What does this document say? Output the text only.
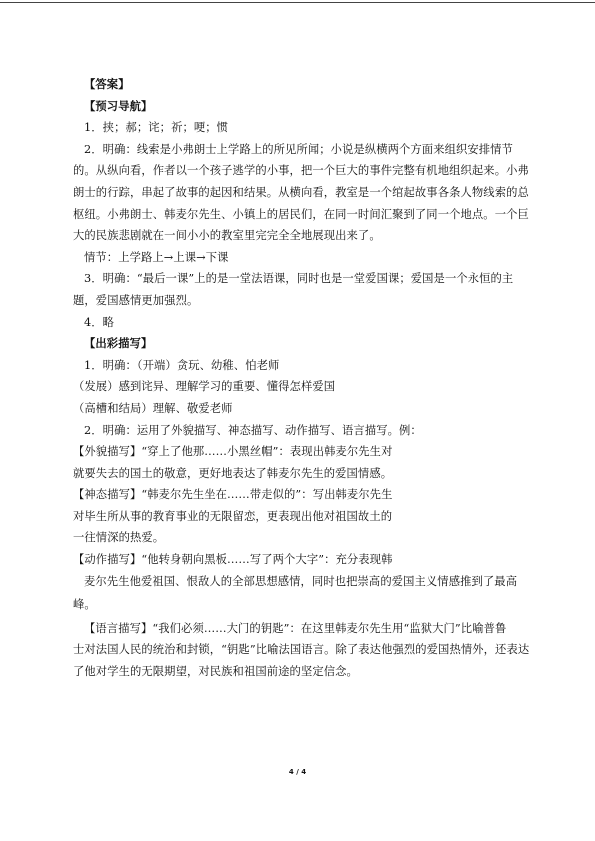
【答案】

【预习导航】

1．挟；郝；诧；祈；哽；惯

2．明确：线索是小弗朗士上学路上的所见所闻；小说是纵横两个方面来组织安排情节

的。从纵向看，作者以一个孩子逃学的小事，把一个巨大的事件完整有机地组织起来。小弗

朗士的行踪，串起了故事的起因和结果。从横向看，教室是一个绾起故事各条人物线索的总

枢纽。小弗朗士、韩麦尔先生、小镇上的居民们，在同一时间汇聚到了同一个地点。一个巨

大的民族悲剧就在一间小小的教室里完完全全地展现出来了。

情节：上学路上→上课→下课

3．明确：“最后一课”上的是一堂法语课，同时也是一堂爱国课；爱国是一个永恒的主

题，爱国感情更加强烈。

4．略

【出彩描写】

1．明确：（开端）贪玩、幼稚、怕老师

（发展）感到诧异、理解学习的重要、懂得怎样爱国

（高槽和结局）理解、敬爱老师

2．明确：运用了外貌描写、神态描写、动作描写、语言描写。例：

【外貌描写】“穿上了他那……小黑丝帽”：表现出韩麦尔先生对

就要失去的国土的敬意，更好地表达了韩麦尔先生的爱国情感。

【神态描写】“韩麦尔先生坐在……带走似的”：写出韩麦尔先生

对毕生所从事的教育事业的无限留恋，更表现出他对祖国故土的

一往情深的热爱。

【动作描写】“他转身朝向黑板……写了两个大字”：充分表现韩

麦尔先生他爱祖国、恨敌人的全部思想感情，同时也把崇高的爱国主义情感推到了最高

峰。

【语言描写】“我们必须……大门的钥匙”：在这里韩麦尔先生用“监狱大门”比喻普鲁

士对法国人民的统治和封锁，“钥匙”比喻法国语言。除了表达他强烈的爱国热情外，还表达

了他对学生的无限期望，对民族和祖国前途的坚定信念。

4 / 4
